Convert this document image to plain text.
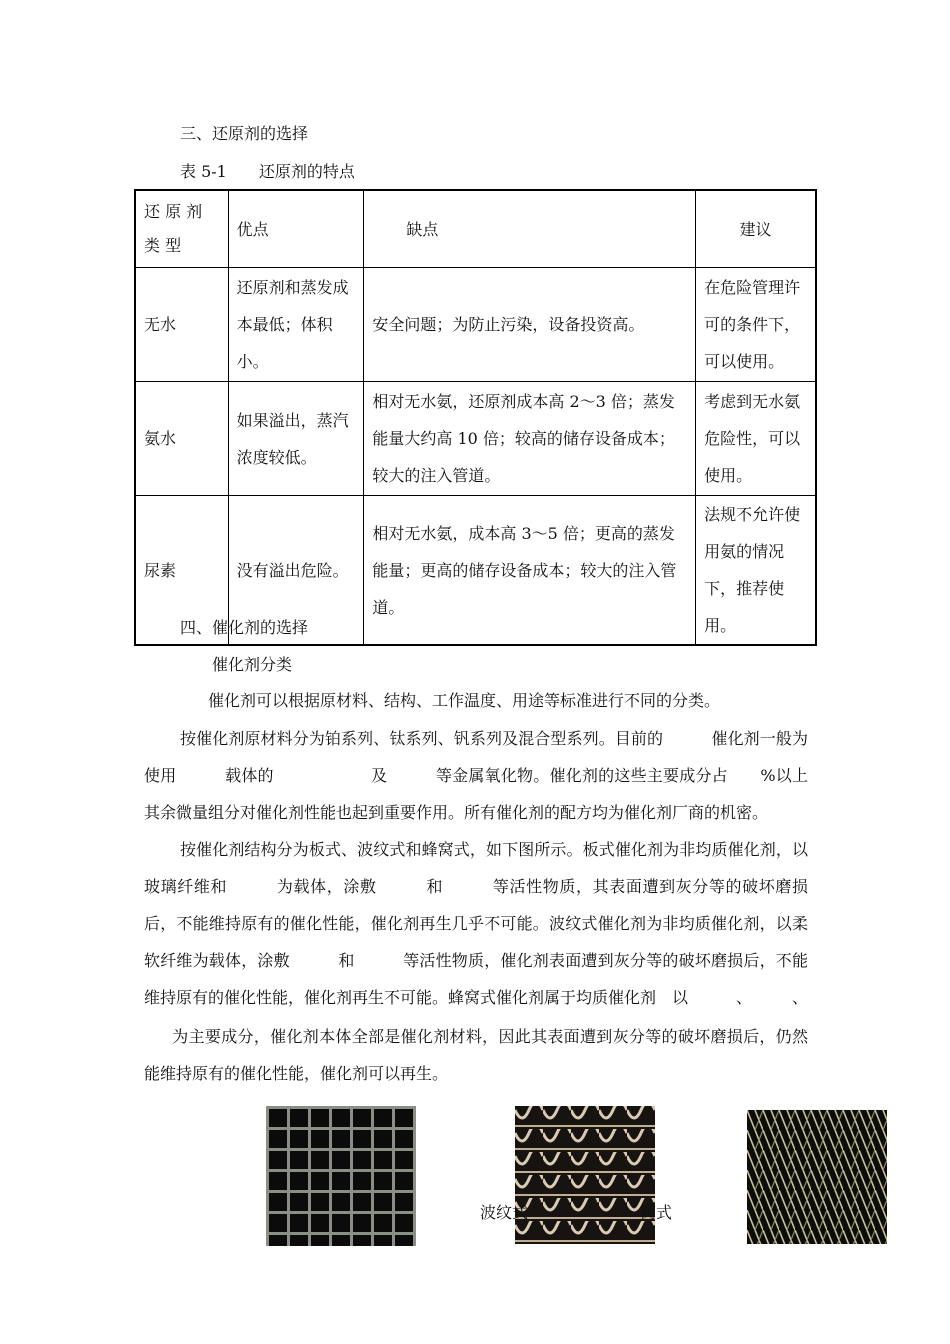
三、还原剂的选择
表 5-1　　还原剂的特点
还 原 剂 类 型	优点	缺点	建议
无水	还原剂和蒸发成本最低；体积小。	安全问题；为防止污染，设备投资高。	在危险管理许可的条件下，可以使用。
氨水	如果溢出，蒸汽浓度较低。	相对无水氨，还原剂成本高 2～3 倍；蒸发能量大约高 10 倍；较高的储存设备成本；较大的注入管道。	考虑到无水氨危险性，可以使用。
尿素	没有溢出危险。	相对无水氨，成本高 3～5 倍；更高的蒸发能量；更高的储存设备成本；较大的注入管道。	法规不允许使用氨的情况下，推荐使用。
四、催化剂的选择
催化剂分类
催化剂可以根据原材料、结构、工作温度、用途等标准进行不同的分类。
按催化剂原材料分为铂系列、钛系列、钒系列及混合型系列。目前的　　　催化剂一般为使用　　　载体的　　　　　　及　　　等金属氧化物。催化剂的这些主要成分占　　%以上　其余微量组分对催化剂性能也起到重要作用。所有催化剂的配方均为催化剂厂商的机密。
按催化剂结构分为板式、波纹式和蜂窝式，如下图所示。板式催化剂为非均质催化剂，以玻璃纤维和　　　为载体，涂敷　　　和　　　等活性物质，其表面遭到灰分等的破坏磨损后，不能维持原有的催化性能，催化剂再生几乎不可能。波纹式催化剂为非均质催化剂，以柔软纤维为载体，涂敷　　　和　　　等活性物质，催化剂表面遭到灰分等的破坏磨损后，不能维持原有的催化性能，催化剂再生不可能。蜂窝式催化剂属于均质催化剂　以　　　、　　　、
　为主要成分，催化剂本体全部是催化剂材料，因此其表面遭到灰分等的破坏磨损后，仍然能维持原有的催化性能，催化剂可以再生。
波纹式	窝式
